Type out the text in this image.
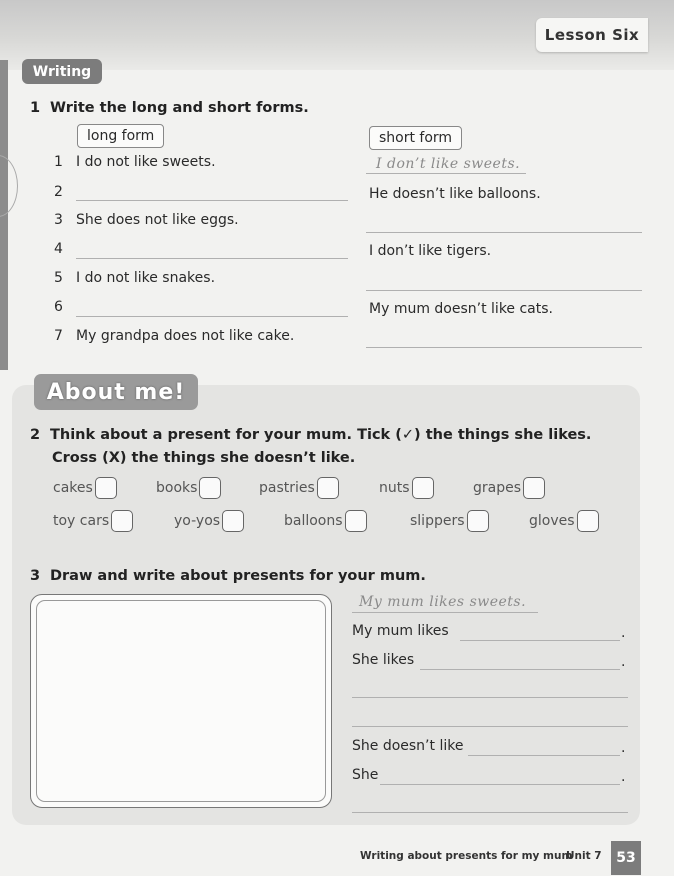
Lesson Six
Writing
1 Write the long and short forms.
long form	short form
1 I do not like sweets.	I don’t like sweets.
2	He doesn’t like balloons.
3 She does not like eggs.
4	I don’t like tigers.
5 I do not like snakes.
6	My mum doesn’t like cats.
7 My grandpa does not like cake.
About me!
2 Think about a present for your mum. Tick (✓) the things she likes.
Cross (X) the things she doesn’t like.
cakes	books	pastries	nuts	grapes
toy cars	yo-yos	balloons	slippers	gloves
3 Draw and write about presents for your mum.
My mum likes sweets.
My mum likes	.
She likes	.
She doesn’t like	.
She	.
Writing about presents for my mum
Unit 7	53
